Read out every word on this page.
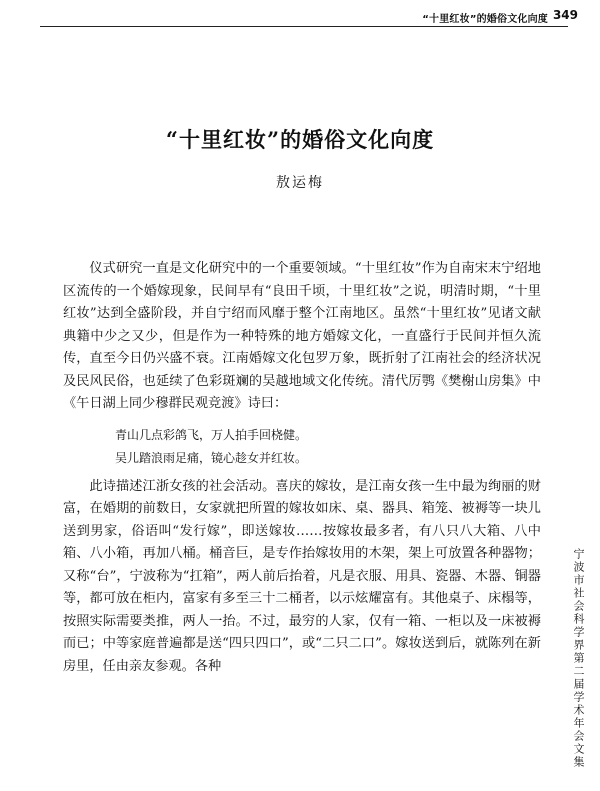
“十里红妆”的婚俗文化向度 349
“十里红妆”的婚俗文化向度
敖运梅

仪式研究一直是文化研究中的一个重要领域。“十里红妆”作为自南宋末宁绍地区流传的一个婚嫁现象，民间早有“良田千顷，十里红妆”之说，明清时期，“十里红妆”达到全盛阶段，并自宁绍而风靡于整个江南地区。虽然“十里红妆”见诸文献典籍中少之又少，但是作为一种特殊的地方婚嫁文化，一直盛行于民间并恒久流传，直至今日仍兴盛不衰。江南婚嫁文化包罗万象，既折射了江南社会的经济状况及民风民俗，也延续了色彩斑斓的吴越地域文化传统。清代厉鹗《樊榭山房集》中《午日湖上同少穆群民观竞渡》诗曰：

青山几点彩鸽飞，万人拍手回桡健。
吴儿踏浪雨足痛，镜心趁女并红妆。

此诗描述江浙女孩的社会活动。喜庆的嫁妆，是江南女孩一生中最为绚丽的财富，在婚期的前数日，女家就把所置的嫁妆如床、桌、器具、箱笼、被褥等一块儿送到男家，俗语叫“发行嫁”，即送嫁妆……按嫁妆最多者，有八只八大箱、八中箱、八小箱，再加八桶。桶音巨，是专作抬嫁妆用的木架，架上可放置各种器物；又称“台”，宁波称为“扛箱”，两人前后抬着，凡是衣服、用具、瓷器、木器、铜器等，都可放在柜内，富家有多至三十二桶者，以示炫耀富有。其他桌子、床榻等，按照实际需要类推，两人一抬。不过，最穷的人家，仅有一箱、一柜以及一床被褥而已；中等家庭普遍都是送“四只四口”，或“二只二口”。嫁妆送到后，就陈列在新房里，任由亲友参观。各种	宁波市社会科学界第二届学术年会文集
